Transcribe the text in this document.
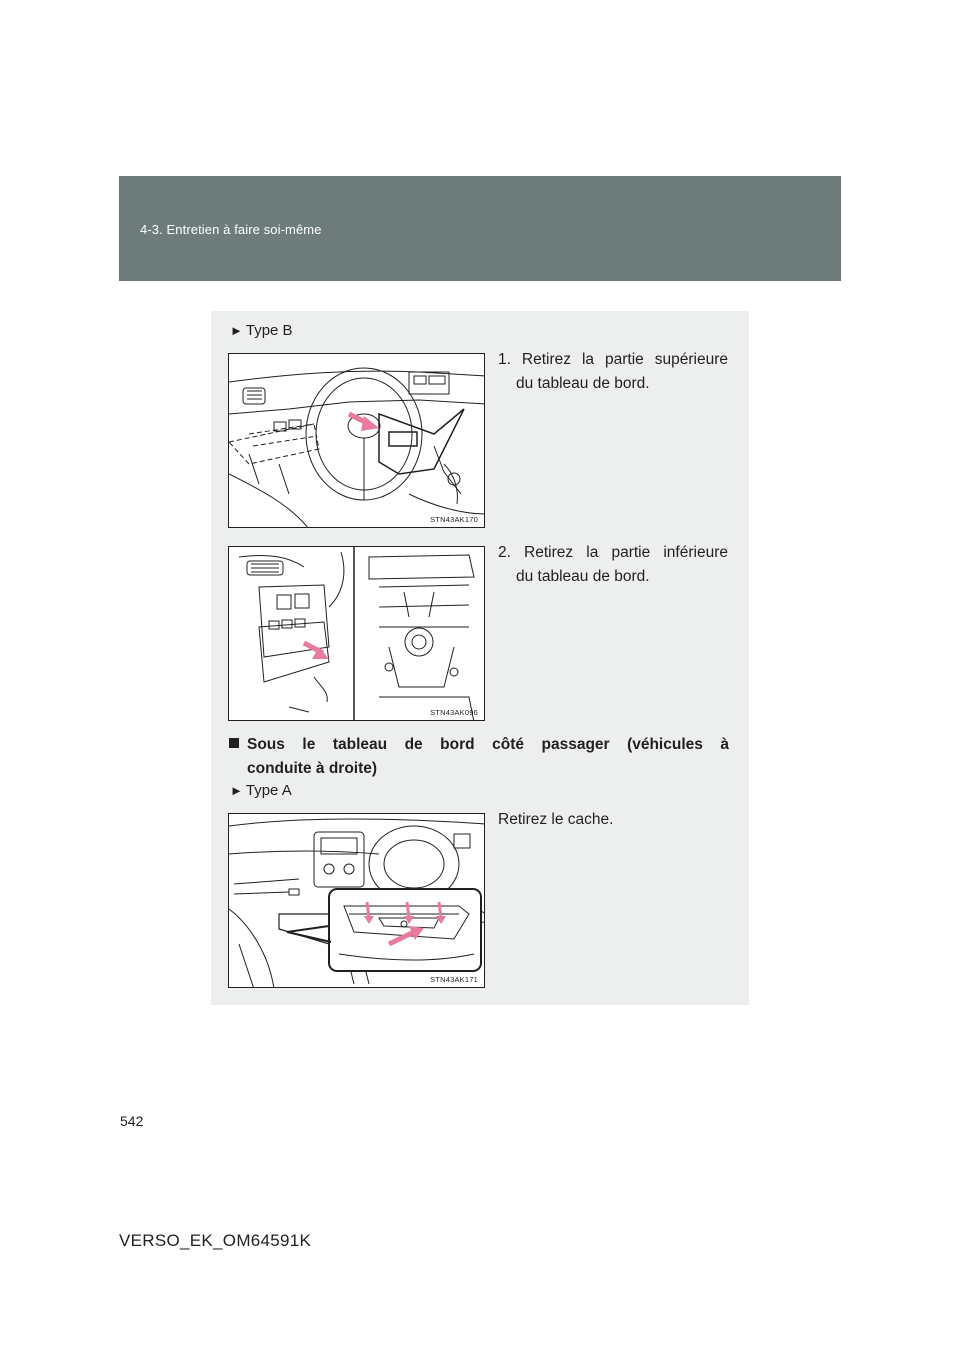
4-3. Entretien à faire soi-même
► Type B
1. Retirez la partie supérieure
du tableau de bord.
STN43AK170
2. Retirez la partie inférieure
du tableau de bord.
STN43AK096
Sous le tableau de bord côté passager (véhicules à
conduite à droite)
► Type A
Retirez le cache.
STN43AK171
542
VERSO_EK_OM64591K
